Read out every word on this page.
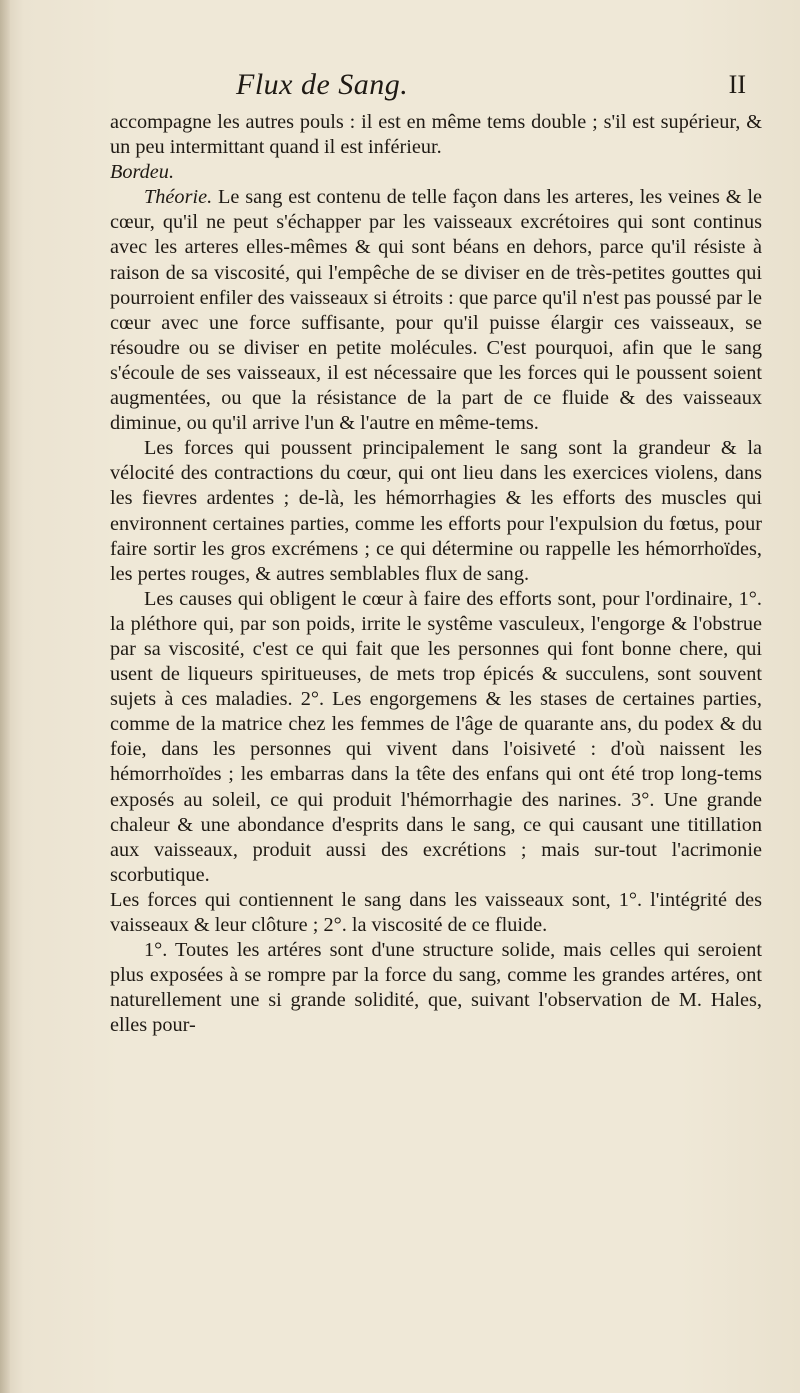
Flux de Sang.	II

accompagne les autres pouls : il est en même tems double ; s'il est supérieur, & un peu intermittant quand il est inférieur.

Bordeu.

Théorie. Le sang est contenu de telle façon dans les arteres, les veines & le cœur, qu'il ne peut s'échapper par les vaisseaux excrétoires qui sont continus avec les arteres elles-mêmes & qui sont béans en dehors, parce qu'il résiste à raison de sa viscosité, qui l'empêche de se diviser en de très-petites gouttes qui pourroient enfiler des vaisseaux si étroits : que parce qu'il n'est pas poussé par le cœur avec une force suffisante, pour qu'il puisse élargir ces vaisseaux, se résoudre ou se diviser en petite molécules. C'est pourquoi, afin que le sang s'écoule de ses vaisseaux, il est nécessaire que les forces qui le poussent soient augmentées, ou que la résistance de la part de ce fluide & des vaisseaux diminue, ou qu'il arrive l'un & l'autre en même-tems.

Les forces qui poussent principalement le sang sont la grandeur & la vélocité des contractions du cœur, qui ont lieu dans les exercices violens, dans les fievres ardentes ; de-là, les hémorrhagies & les efforts des muscles qui environnent certaines parties, comme les efforts pour l'expulsion du fœtus, pour faire sortir les gros excrémens ; ce qui détermine ou rappelle les hémorrhoïdes, les pertes rouges, & autres semblables flux de sang.

Les causes qui obligent le cœur à faire des efforts sont, pour l'ordinaire, 1°. la pléthore qui, par son poids, irrite le systême vasculeux, l'engorge & l'obstrue par sa viscosité, c'est ce qui fait que les personnes qui font bonne chere, qui usent de liqueurs spiritueuses, de mets trop épicés & succulens, sont souvent sujets à ces maladies. 2°. Les engorgemens & les stases de certaines parties, comme de la matrice chez les femmes de l'âge de quarante ans, du podex & du foie, dans les personnes qui vivent dans l'oisiveté : d'où naissent les hémorrhoïdes ; les embarras dans la tête des enfans qui ont été trop long-tems exposés au soleil, ce qui produit l'hémorrhagie des narines. 3°. Une grande chaleur & une abondance d'esprits dans le sang, ce qui causant une titillation aux vaisseaux, produit aussi des excrétions ; mais sur-tout l'acrimonie scorbutique.

Les forces qui contiennent le sang dans les vaisseaux sont, 1°. l'intégrité des vaisseaux & leur clôture ; 2°. la viscosité de ce fluide.

1°. Toutes les artéres sont d'une structure solide, mais celles qui seroient plus exposées à se rompre par la force du sang, comme les grandes artéres, ont naturellement une si grande solidité, que, suivant l'observation de M. Hales, elles pour-
